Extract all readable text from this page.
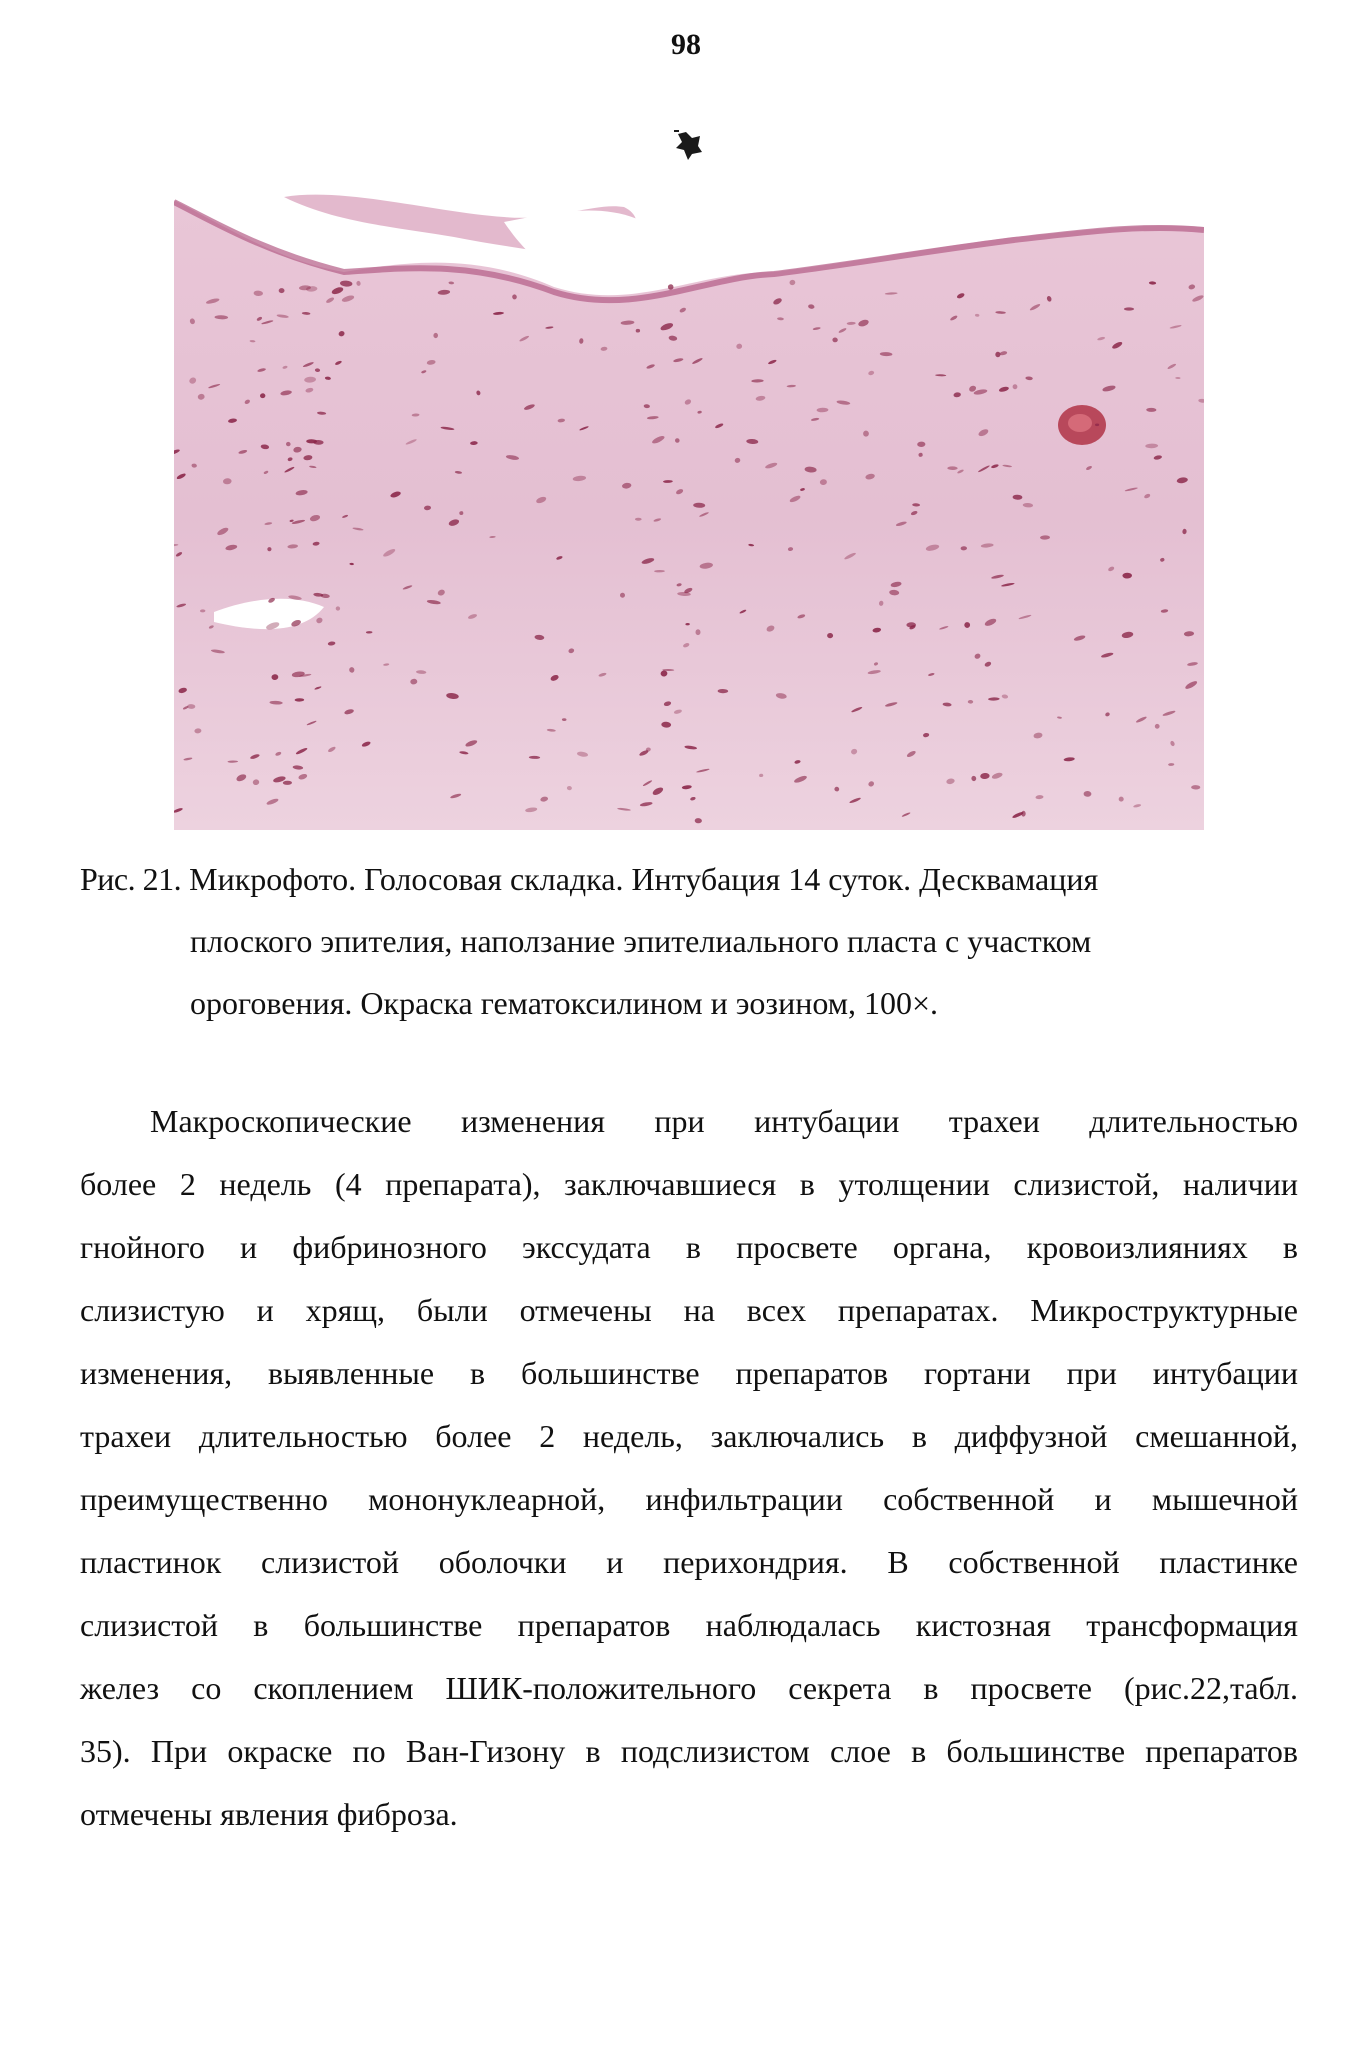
98
Рис. 21. Микрофото. Голосовая складка. Интубация 14 суток. Десквамация
плоского эпителия, наползание эпителиального пласта с участком
ороговения. Окраска гематоксилином и эозином, 100×.
Макроскопические изменения при интубации трахеи длительностью
более 2 недель (4 препарата), заключавшиеся в утолщении слизистой, наличии
гнойного и фибринозного экссудата в просвете органа, кровоизлияниях в
слизистую и хрящ, были отмечены на всех препаратах. Микроструктурные
изменения, выявленные в большинстве препаратов гортани при интубации
трахеи длительностью более 2 недель, заключались в диффузной смешанной,
преимущественно мононуклеарной, инфильтрации собственной и мышечной
пластинок слизистой оболочки и перихондрия. В собственной пластинке
слизистой в большинстве препаратов наблюдалась кистозная трансформация
желез со скоплением ШИК-положительного секрета в просвете (рис.22,табл.
35). При окраске по Ван-Гизону в подслизистом слое в большинстве препаратов
отмечены явления фиброза.
